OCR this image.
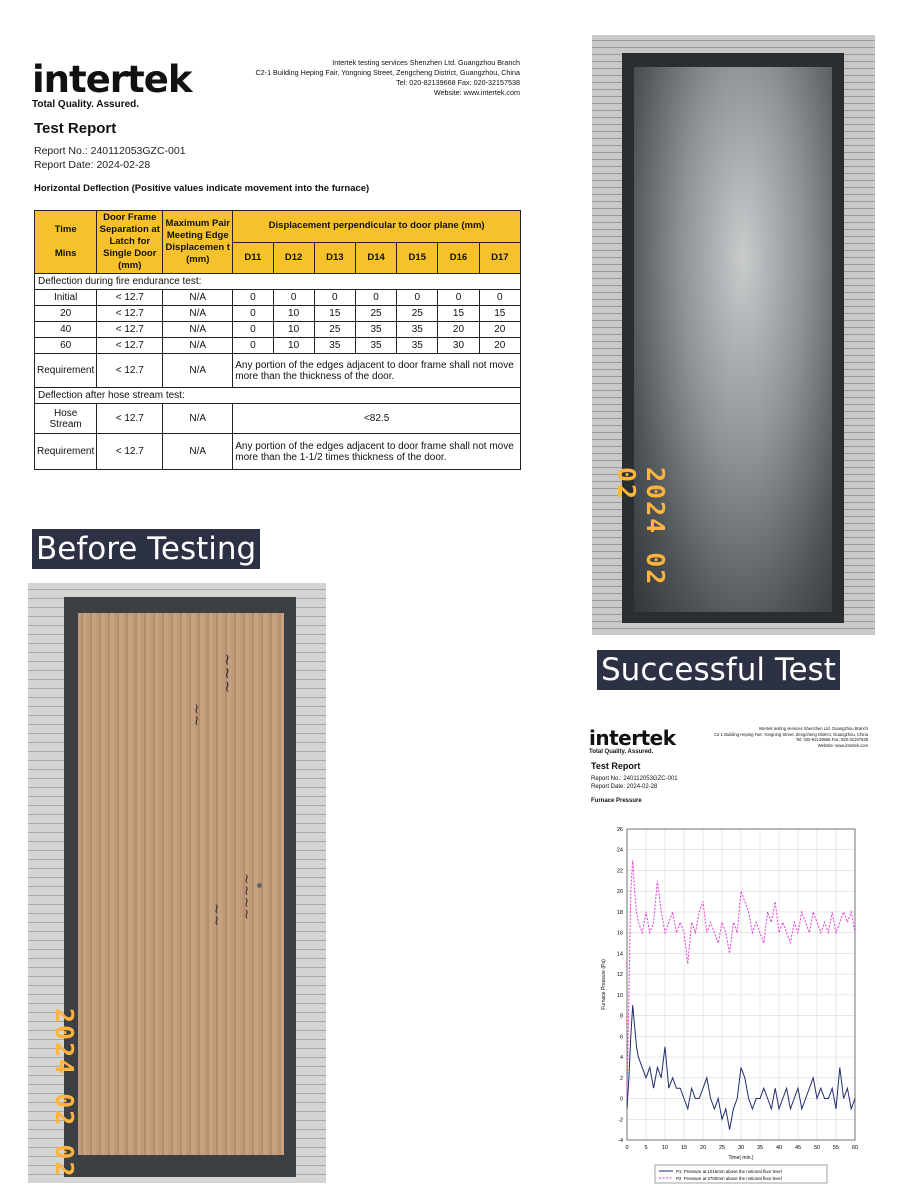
intertek
Total Quality. Assured.
Intertek testing services Shenzhen Ltd. Guangzhou Branch
C2-1 Building Heping Fair, Yongning Street, Zengcheng District, Guangzhou, China
Tel: 020-82139668 Fax: 020-32157538
Website: www.intertek.com
Test Report
Report No.: 240112053GZC-001
Report Date: 2024-02-28
Horizontal Deflection (Positive values indicate movement into the furnace)
Time

Mins	Door Frame Separation at Latch for Single Door (mm)	Maximum Pair Meeting Edge Displacemen t (mm)	Displacement perpendicular to door plane (mm)						
			D11	D12	D13	D14	D15	D16	D17
Deflection during fire endurance test:									
Initial	< 12.7	N/A	0	0	0	0	0	0	0
20	< 12.7	N/A	0	10	15	25	25	15	15
40	< 12.7	N/A	0	10	25	35	35	20	20
60	< 12.7	N/A	0	10	35	35	35	30	20
Requirement	< 12.7	N/A	Any portion of the edges adjacent to door frame shall not move more than the thickness of the door.						
Deflection after hose stream test:									
Hose Stream	< 12.7	N/A	<82.5						
Requirement	< 12.7	N/A	Any portion of the edges adjacent to door frame shall not move more than the 1-1/2 times thickness of the door.						
Before Testing
Successful Test
2024 02 02
~~~
~~
~~~~
~~
2024 02 02
intertek
Total Quality. Assured.
Intertek testing services Shenzhen Ltd. Guangzhou Branch
C2-1 Building Heping Fair, Yongning Street, Zengcheng District, Guangzhou, China
Tel: 020-82139668 Fax: 020-32157538
Website: www.intertek.com
Test Report
Report No.: 240112053GZC-001
Report Date: 2024-02-28
Furnace Pressure
0	5	10 15 20 25 30 35 40 45 50 55 60
-4
-2
0
2
4
6
8
10
12
14
16
18
20
22
24
26
Time( min.)
Furnace Pressure (Pa)
P1: Pressure at 1016mm above the notional floor level
P2: Pressure at 2700mm above the notional floor level
